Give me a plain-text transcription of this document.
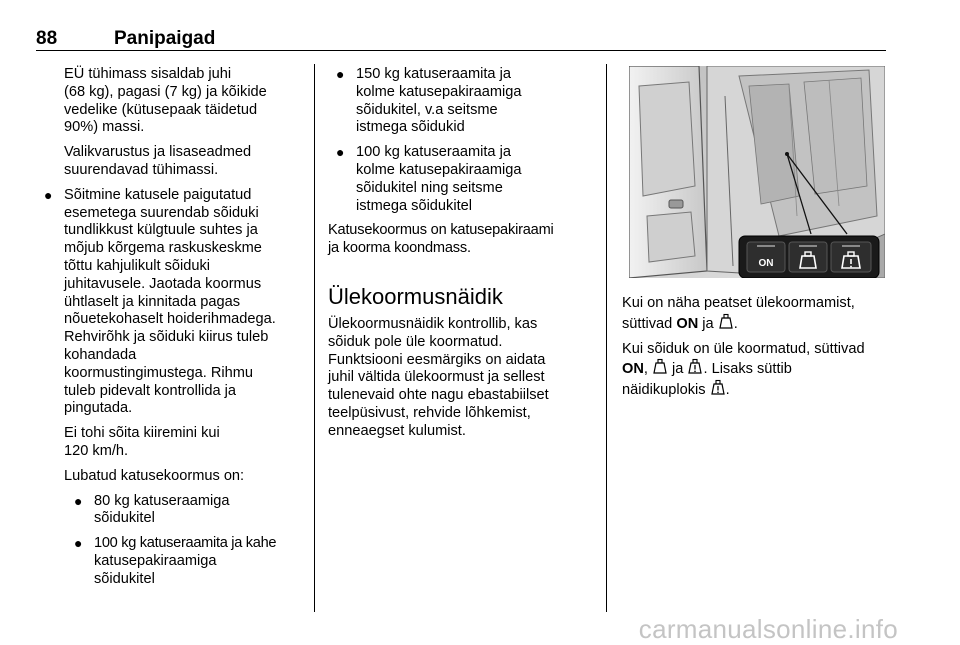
88	Panipaigad

EÜ tühimass sisaldab juhi
(68 kg), pagasi (7 kg) ja kõikide
vedelike (kütusepaak täidetud
90%) massi.

Valikvarustus ja lisaseadmed
suurendavad tühimassi.

● Sõitmine katusele paigutatud
esemetega suurendab sõiduki
tundlikkust külgtuule suhtes ja
mõjub kõrgema raskuskeskme
tõttu kahjulikult sõiduki
juhitavusele. Jaotada koormus
ühtlaselt ja kinnitada pagas
nõuetekohaselt hoiderihmadega.
Rehvirõhk ja sõiduki kiirus tuleb
kohandada
koormustingimustega. Rihmu
tuleb pidevalt kontrollida ja
pingutada.

Ei tohi sõita kiiremini kui
120 km/h.

Lubatud katusekoormus on:

● 80 kg katuseraamiga
sõidukitel
● 100 kg katuseraamita ja kahe
katusepakiraamiga
sõidukitel
● 150 kg katuseraamita ja
kolme katusepakiraamiga
sõidukitel, v.a seitsme
istmega sõidukid
● 100 kg katuseraamita ja
kolme katusepakiraamiga
sõidukitel ning seitsme
istmega sõidukitel

Katusekoormus on katusepakiraami
ja koorma koondmass.

Ülekoormusnäidik

Ülekoormusnäidik kontrollib, kas
sõiduk pole üle koormatud.
Funktsiooni eesmärgiks on aidata
juhil vältida ülekoormust ja sellest
tulenevaid ohte nagu ebastabiilset
teelpüsivust, rehvide lõhkemist,
enneaegset kulumist.

ON

Kui on näha peatset ülekoormamist,
süttivad ON ja .

Kui sõiduk on üle koormatud, süttivad
ON,  ja . Lisaks süttib
näidikuplokis .

carmanualsonline.info
